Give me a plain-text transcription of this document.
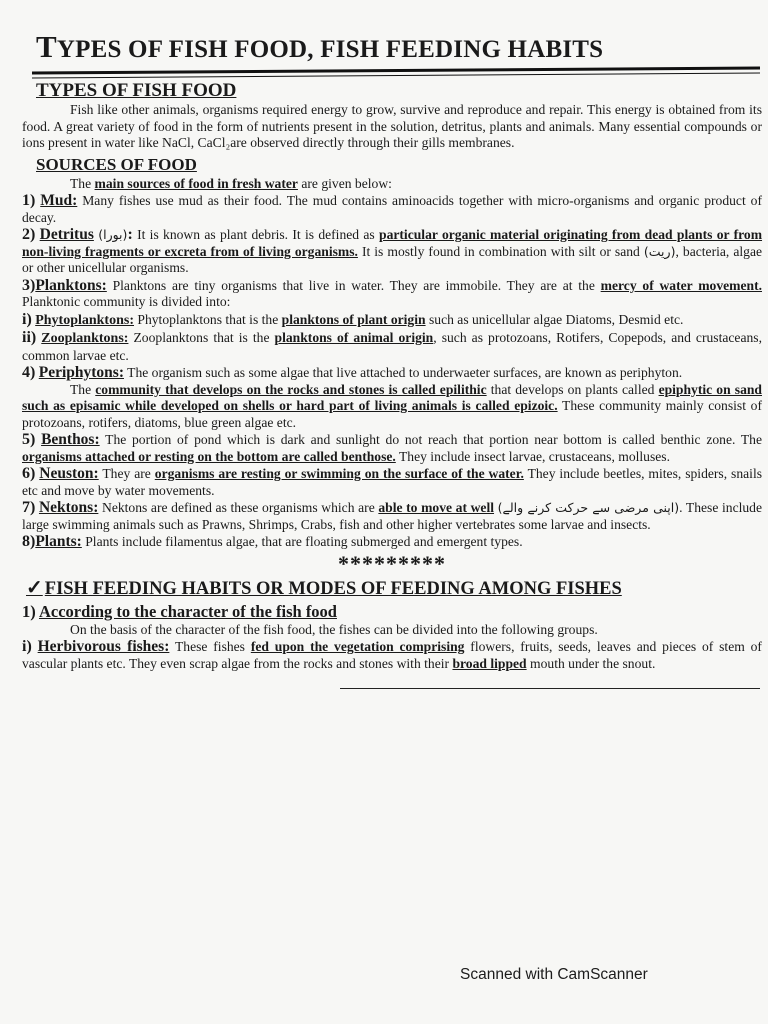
TYPES OF FISH FOOD, FISH FEEDING HABITS
TYPES OF FISH FOOD

Fish like other animals, organisms required energy to grow, survive and reproduce and repair. This energy is obtained from its food. A great variety of food in the form of nutrients present in the solution, detritus, plants and animals. Many essential compounds or ions present in water like NaCl, CaCl₂are observed directly through their gills membranes.

SOURCES OF FOOD

The main sources of food in fresh water are given below:

1) Mud: Many fishes use mud as their food. The mud contains aminoacids together with micro-organisms and organic product of decay.

2) Detritus (بورا): It is known as plant debris. It is defined as particular organic material originating from dead plants or from non-living fragments or excreta from of living organisms. It is mostly found in combination with silt or sand (ریت), bacteria, algae or other unicellular organisms.

3)Planktons: Planktons are tiny organisms that live in water. They are immobile. They are at the mercy of water movement. Planktonic community is divided into:

i) Phytoplanktons: Phytoplanktons that is the planktons of plant origin such as unicellular algae Diatoms, Desmid etc.

ii) Zooplanktons: Zooplanktons that is the planktons of animal origin, such as protozoans, Rotifers, Copepods, and crustaceans, common larvae etc.

4) Periphytons: The organism such as some algae that live attached to underwaeter surfaces, are known as periphyton.

The community that develops on the rocks and stones is called epilithic that develops on plants called epiphytic on sand such as episamic while developed on shells or hard part of living animals is called epizoic. These community mainly consist of protozoans, rotifers, diatoms, blue green algae etc.

5) Benthos: The portion of pond which is dark and sunlight do not reach that portion near bottom is called benthic zone. The organisms attached or resting on the bottom are called benthose. They include insect larvae, crustaceans, molluses.

6) Neuston: They are organisms are resting or swimming on the surface of the water. They include beetles, mites, spiders, snails etc and move by water movements.

7) Nektons: Nektons are defined as these organisms which are able to move at well (اپنی مرضی سے حرکت کرنے والے). These include large swimming animals such as Prawns, Shrimps, Crabs, fish and other higher vertebrates some larvae and insects.

8)Plants: Plants include filamentus algae, that are floating submerged and emergent types.

*********
✓ FISH FEEDING HABITS OR MODES OF FEEDING AMONG FISHES
1) According to the character of the fish food

On the basis of the character of the fish food, the fishes can be divided into the following groups.

i) Herbivorous fishes: These fishes fed upon the vegetation comprising flowers, fruits, seeds, leaves and pieces of stem of vascular plants etc. They even scrap algae from the rocks and stones with their broad lipped mouth under the snout.

Scanned with CamScanner
